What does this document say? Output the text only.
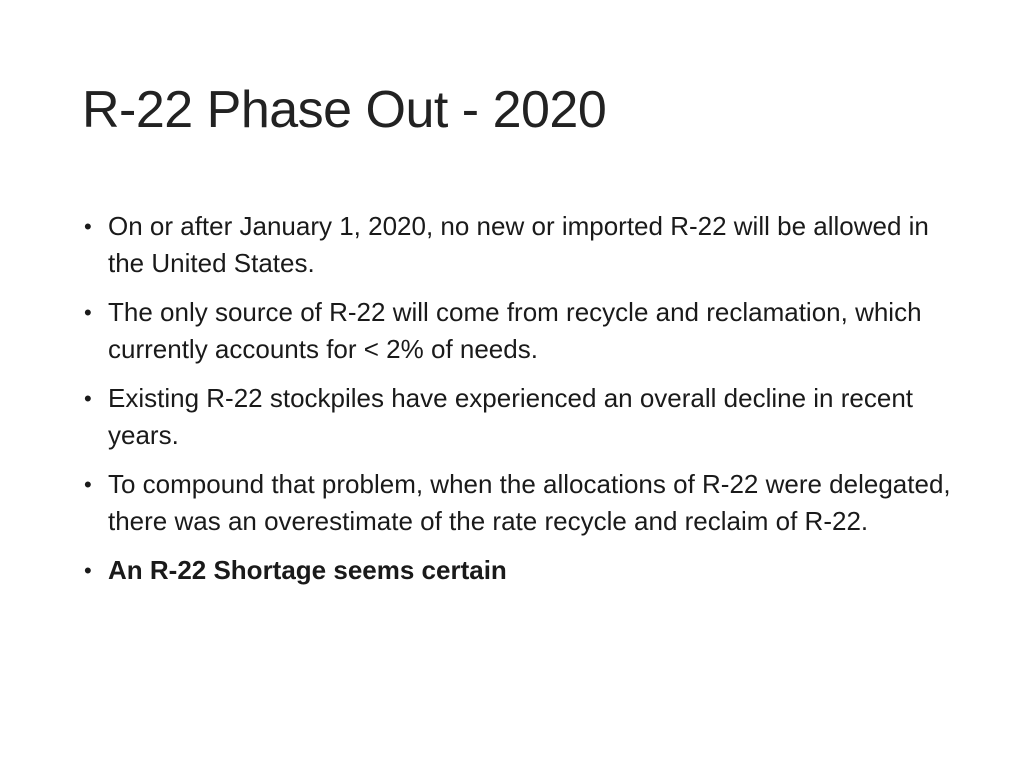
R-22 Phase Out - 2020
• On or after January 1, 2020, no new or imported R-22 will be allowed in the United States.
• The only source of R-22 will come from recycle and reclamation, which currently accounts for < 2% of needs.
• Existing R-22 stockpiles have experienced an overall decline in recent years.
• To compound that problem, when the allocations of R-22 were delegated, there was an overestimate of the rate recycle and reclaim of R-22.
• An R-22 Shortage seems certain
